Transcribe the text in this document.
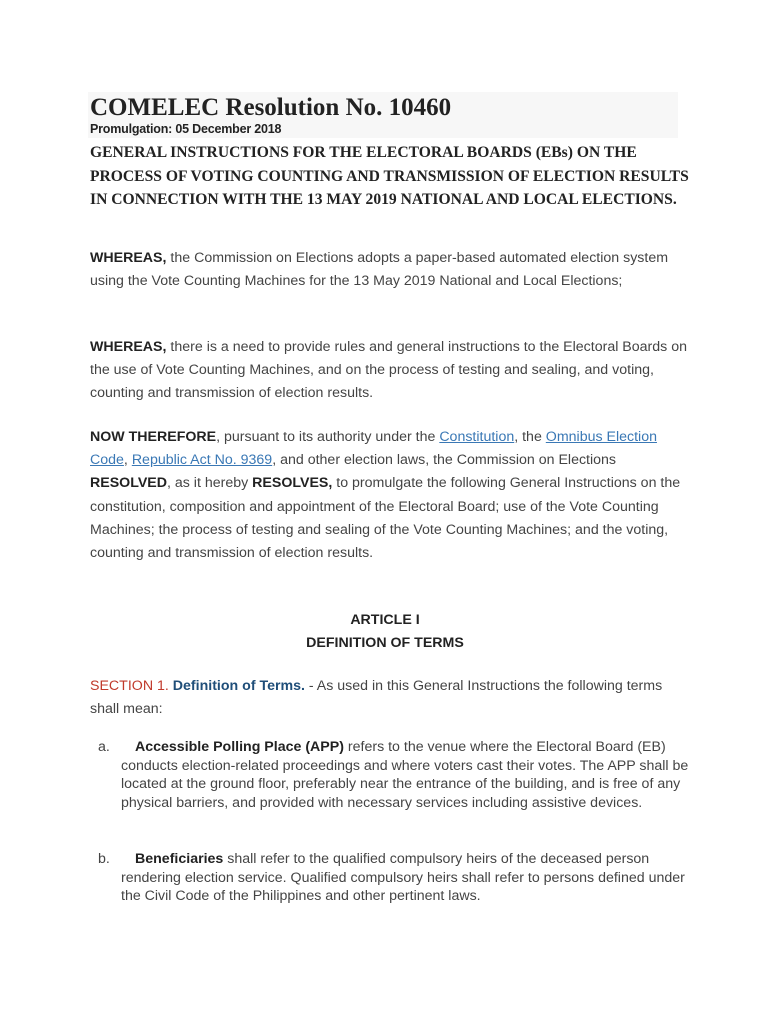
COMELEC Resolution No. 10460

Promulgation: 05 December 2018

GENERAL INSTRUCTIONS FOR THE ELECTORAL BOARDS (EBs) ON THE PROCESS OF VOTING COUNTING AND TRANSMISSION OF ELECTION RESULTS IN CONNECTION WITH THE 13 MAY 2019 NATIONAL AND LOCAL ELECTIONS.

WHEREAS, the Commission on Elections adopts a paper-based automated election system using the Vote Counting Machines for the 13 May 2019 National and Local Elections;

WHEREAS, there is a need to provide rules and general instructions to the Electoral Boards on the use of Vote Counting Machines, and on the process of testing and sealing, and voting, counting and transmission of election results.

NOW THEREFORE, pursuant to its authority under the Constitution, the Omnibus Election Code, Republic Act No. 9369, and other election laws, the Commission on Elections RESOLVED, as it hereby RESOLVES, to promulgate the following General Instructions on the constitution, composition and appointment of the Electoral Board; use of the Vote Counting Machines; the process of testing and sealing of the Vote Counting Machines; and the voting, counting and transmission of election results.

ARTICLE I

DEFINITION OF TERMS

SECTION 1. Definition of Terms. - As used in this General Instructions the following terms shall mean:

a.	Accessible Polling Place (APP) refers to the venue where the Electoral Board (EB) conducts election-related proceedings and where voters cast their votes. The APP shall be located at the ground floor, preferably near the entrance of the building, and is free of any physical barriers, and provided with necessary services including assistive devices.
b.	Beneficiaries shall refer to the qualified compulsory heirs of the deceased person rendering election service. Qualified compulsory heirs shall refer to persons defined under the Civil Code of the Philippines and other pertinent laws.
